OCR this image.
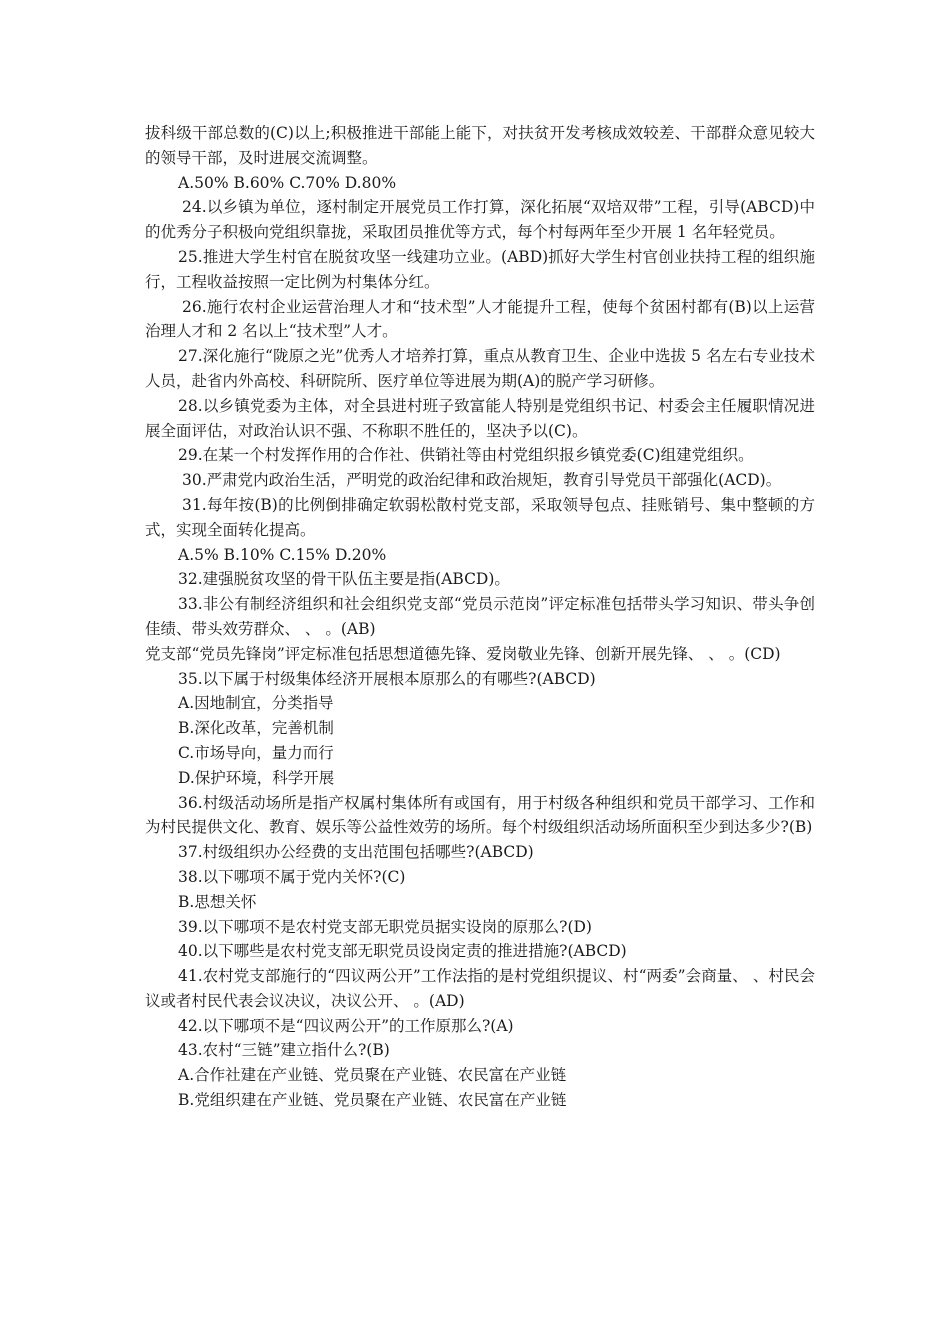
拔科级干部总数的(C)以上;积极推进干部能上能下，对扶贫开发考核成效较差、干部群众意见较大的领导干部，及时进展交流调整。

A.50% B.60% C.70% D.80%

24.以乡镇为单位，逐村制定开展党员工作打算，深化拓展“双培双带”工程，引导(ABCD)中的优秀分子积极向党组织靠拢，采取团员推优等方式，每个村每两年至少开展 1 名年轻党员。

25.推进大学生村官在脱贫攻坚一线建功立业。(ABD)抓好大学生村官创业扶持工程的组织施行，工程收益按照一定比例为村集体分红。

26.施行农村企业运营治理人才和“技术型”人才能提升工程，使每个贫困村都有(B)以上运营治理人才和 2 名以上“技术型”人才。

27.深化施行“陇原之光”优秀人才培养打算，重点从教育卫生、企业中选拔 5 名左右专业技术人员，赴省内外高校、科研院所、医疗单位等进展为期(A)的脱产学习研修。

28.以乡镇党委为主体，对全县进村班子致富能人特别是党组织书记、村委会主任履职情况进展全面评估，对政治认识不强、不称职不胜任的，坚决予以(C)。

29.在某一个村发挥作用的合作社、供销社等由村党组织报乡镇党委(C)组建党组织。

30.严肃党内政治生活，严明党的政治纪律和政治规矩，教育引导党员干部强化(ACD)。

31.每年按(B)的比例倒排确定软弱松散村党支部，采取领导包点、挂账销号、集中整顿的方式，实现全面转化提高。

A.5% B.10% C.15% D.20%

32.建强脱贫攻坚的骨干队伍主要是指(ABCD)。

33.非公有制经济组织和社会组织党支部“党员示范岗”评定标准包括带头学习知识、带头争创佳绩、带头效劳群众、 、 。(AB)

党支部“党员先锋岗”评定标准包括思想道德先锋、爱岗敬业先锋、创新开展先锋、 、 。(CD)

35.以下属于村级集体经济开展根本原那么的有哪些?(ABCD)

A.因地制宜，分类指导

B.深化改革，完善机制

C.市场导向，量力而行

D.保护环境，科学开展

36.村级活动场所是指产权属村集体所有或国有，用于村级各种组织和党员干部学习、工作和为村民提供文化、教育、娱乐等公益性效劳的场所。每个村级组织活动场所面积至少到达多少?(B)

37.村级组织办公经费的支出范围包括哪些?(ABCD)

38.以下哪项不属于党内关怀?(C)

B.思想关怀

39.以下哪项不是农村党支部无职党员据实设岗的原那么?(D)

40.以下哪些是农村党支部无职党员设岗定责的推进措施?(ABCD)

41.农村党支部施行的“四议两公开”工作法指的是村党组织提议、村“两委”会商量、 、村民会议或者村民代表会议决议，决议公开、 。(AD)

42.以下哪项不是“四议两公开”的工作原那么?(A)

43.农村“三链”建立指什么?(B)

A.合作社建在产业链、党员聚在产业链、农民富在产业链

B.党组织建在产业链、党员聚在产业链、农民富在产业链
